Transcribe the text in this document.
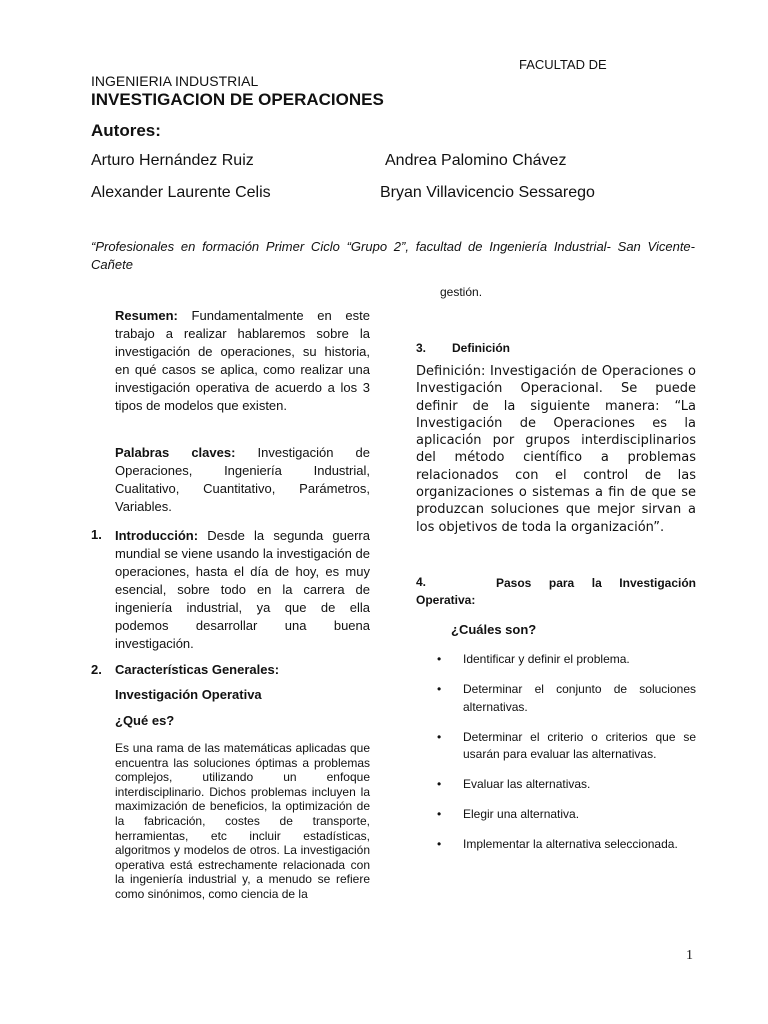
FACULTAD DE
INGENIERIA INDUSTRIAL
INVESTIGACION DE OPERACIONES
Autores:
Arturo Hernández Ruiz	Andrea Palomino Chávez
Alexander Laurente Celis	Bryan Villavicencio Sessarego
“Profesionales en formación Primer Ciclo “Grupo 2”, facultad de Ingeniería Industrial- San Vicente-Cañete

Resumen: Fundamentalmente en este trabajo a realizar hablaremos sobre la investigación de operaciones, su historia, en qué casos se aplica, como realizar una investigación operativa de acuerdo a los 3 tipos de modelos que existen.

Palabras claves: Investigación de Operaciones, Ingeniería Industrial, Cualitativo, Cuantitativo, Parámetros, Variables.

1. Introducción: Desde la segunda guerra mundial se viene usando la investigación de operaciones, hasta el día de hoy, es muy esencial, sobre todo en la carrera de ingeniería industrial, ya que de ella podemos desarrollar una buena investigación.

2. Características Generales:
Investigación Operativa
¿Qué es?

Es una rama de las matemáticas aplicadas que encuentra las soluciones óptimas a problemas complejos, utilizando un enfoque interdisciplinario. Dichos problemas incluyen la maximización de beneficios, la optimización de la fabricación, costes de transporte, herramientas, etc incluir estadísticas, algoritmos y modelos de otros. La investigación operativa está estrechamente relacionada con la ingeniería industrial y, a menudo se refiere como sinónimos, como ciencia de la

gestión.
3. Definición

Definición: Investigación de Operaciones o Investigación Operacional. Se puede definir de la siguiente manera: “La Investigación de Operaciones es la aplicación por grupos interdisciplinarios del método científico a problemas relacionados con el control de las organizaciones o sistemas a fin de que se produzcan soluciones que mejor sirvan a los objetivos de toda la organización”.

4.	Pasos para la Investigación Operativa:

¿Cuáles son?
• Identificar y definir el problema.
• Determinar el conjunto de soluciones alternativas.
• Determinar el criterio o criterios que se usarán para evaluar las alternativas.
• Evaluar las alternativas.
• Elegir una alternativa.
• Implementar la alternativa seleccionada.
1
